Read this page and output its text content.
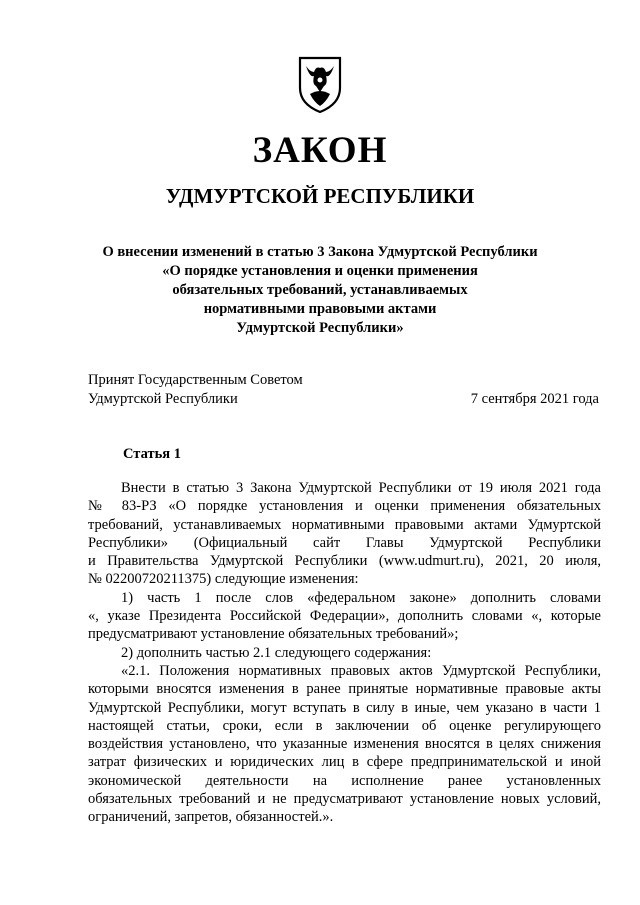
ЗАКОН
УДМУРТСКОЙ РЕСПУБЛИКИ
О внесении изменений в статью 3 Закона Удмуртской Республики
«О порядке установления и оценки применения
обязательных требований, устанавливаемых
нормативными правовыми актами
Удмуртской Республики»
Принят Государственным Советом
Удмуртской Республики	7 сентября 2021 года
Статья 1

Внести в статью 3 Закона Удмуртской Республики от 19 июля 2021 года

№ 83-РЗ «О порядке установления и оценки применения обязательных

требований, устанавливаемых нормативными правовыми актами Удмуртской

Республики» (Официальный сайт Главы Удмуртской Республики

и Правительства Удмуртской Республики (www.udmurt.ru), 2021, 20 июля,

№ 02200720211375) следующие изменения:

1) часть 1 после слов «федеральном законе» дополнить словами

«, указе Президента Российской Федерации», дополнить словами «, которые

предусматривают установление обязательных требований»;

2) дополнить частью 2.1 следующего содержания:

«2.1. Положения нормативных правовых актов Удмуртской Республики,

которыми вносятся изменения в ранее принятые нормативные правовые акты

Удмуртской Республики, могут вступать в силу в иные, чем указано в части 1

настоящей статьи, сроки, если в заключении об оценке регулирующего

воздействия установлено, что указанные изменения вносятся в целях снижения

затрат физических и юридических лиц в сфере предпринимательской и иной

экономической деятельности на исполнение ранее установленных

обязательных требований и не предусматривают установление новых условий,

ограничений, запретов, обязанностей.».
